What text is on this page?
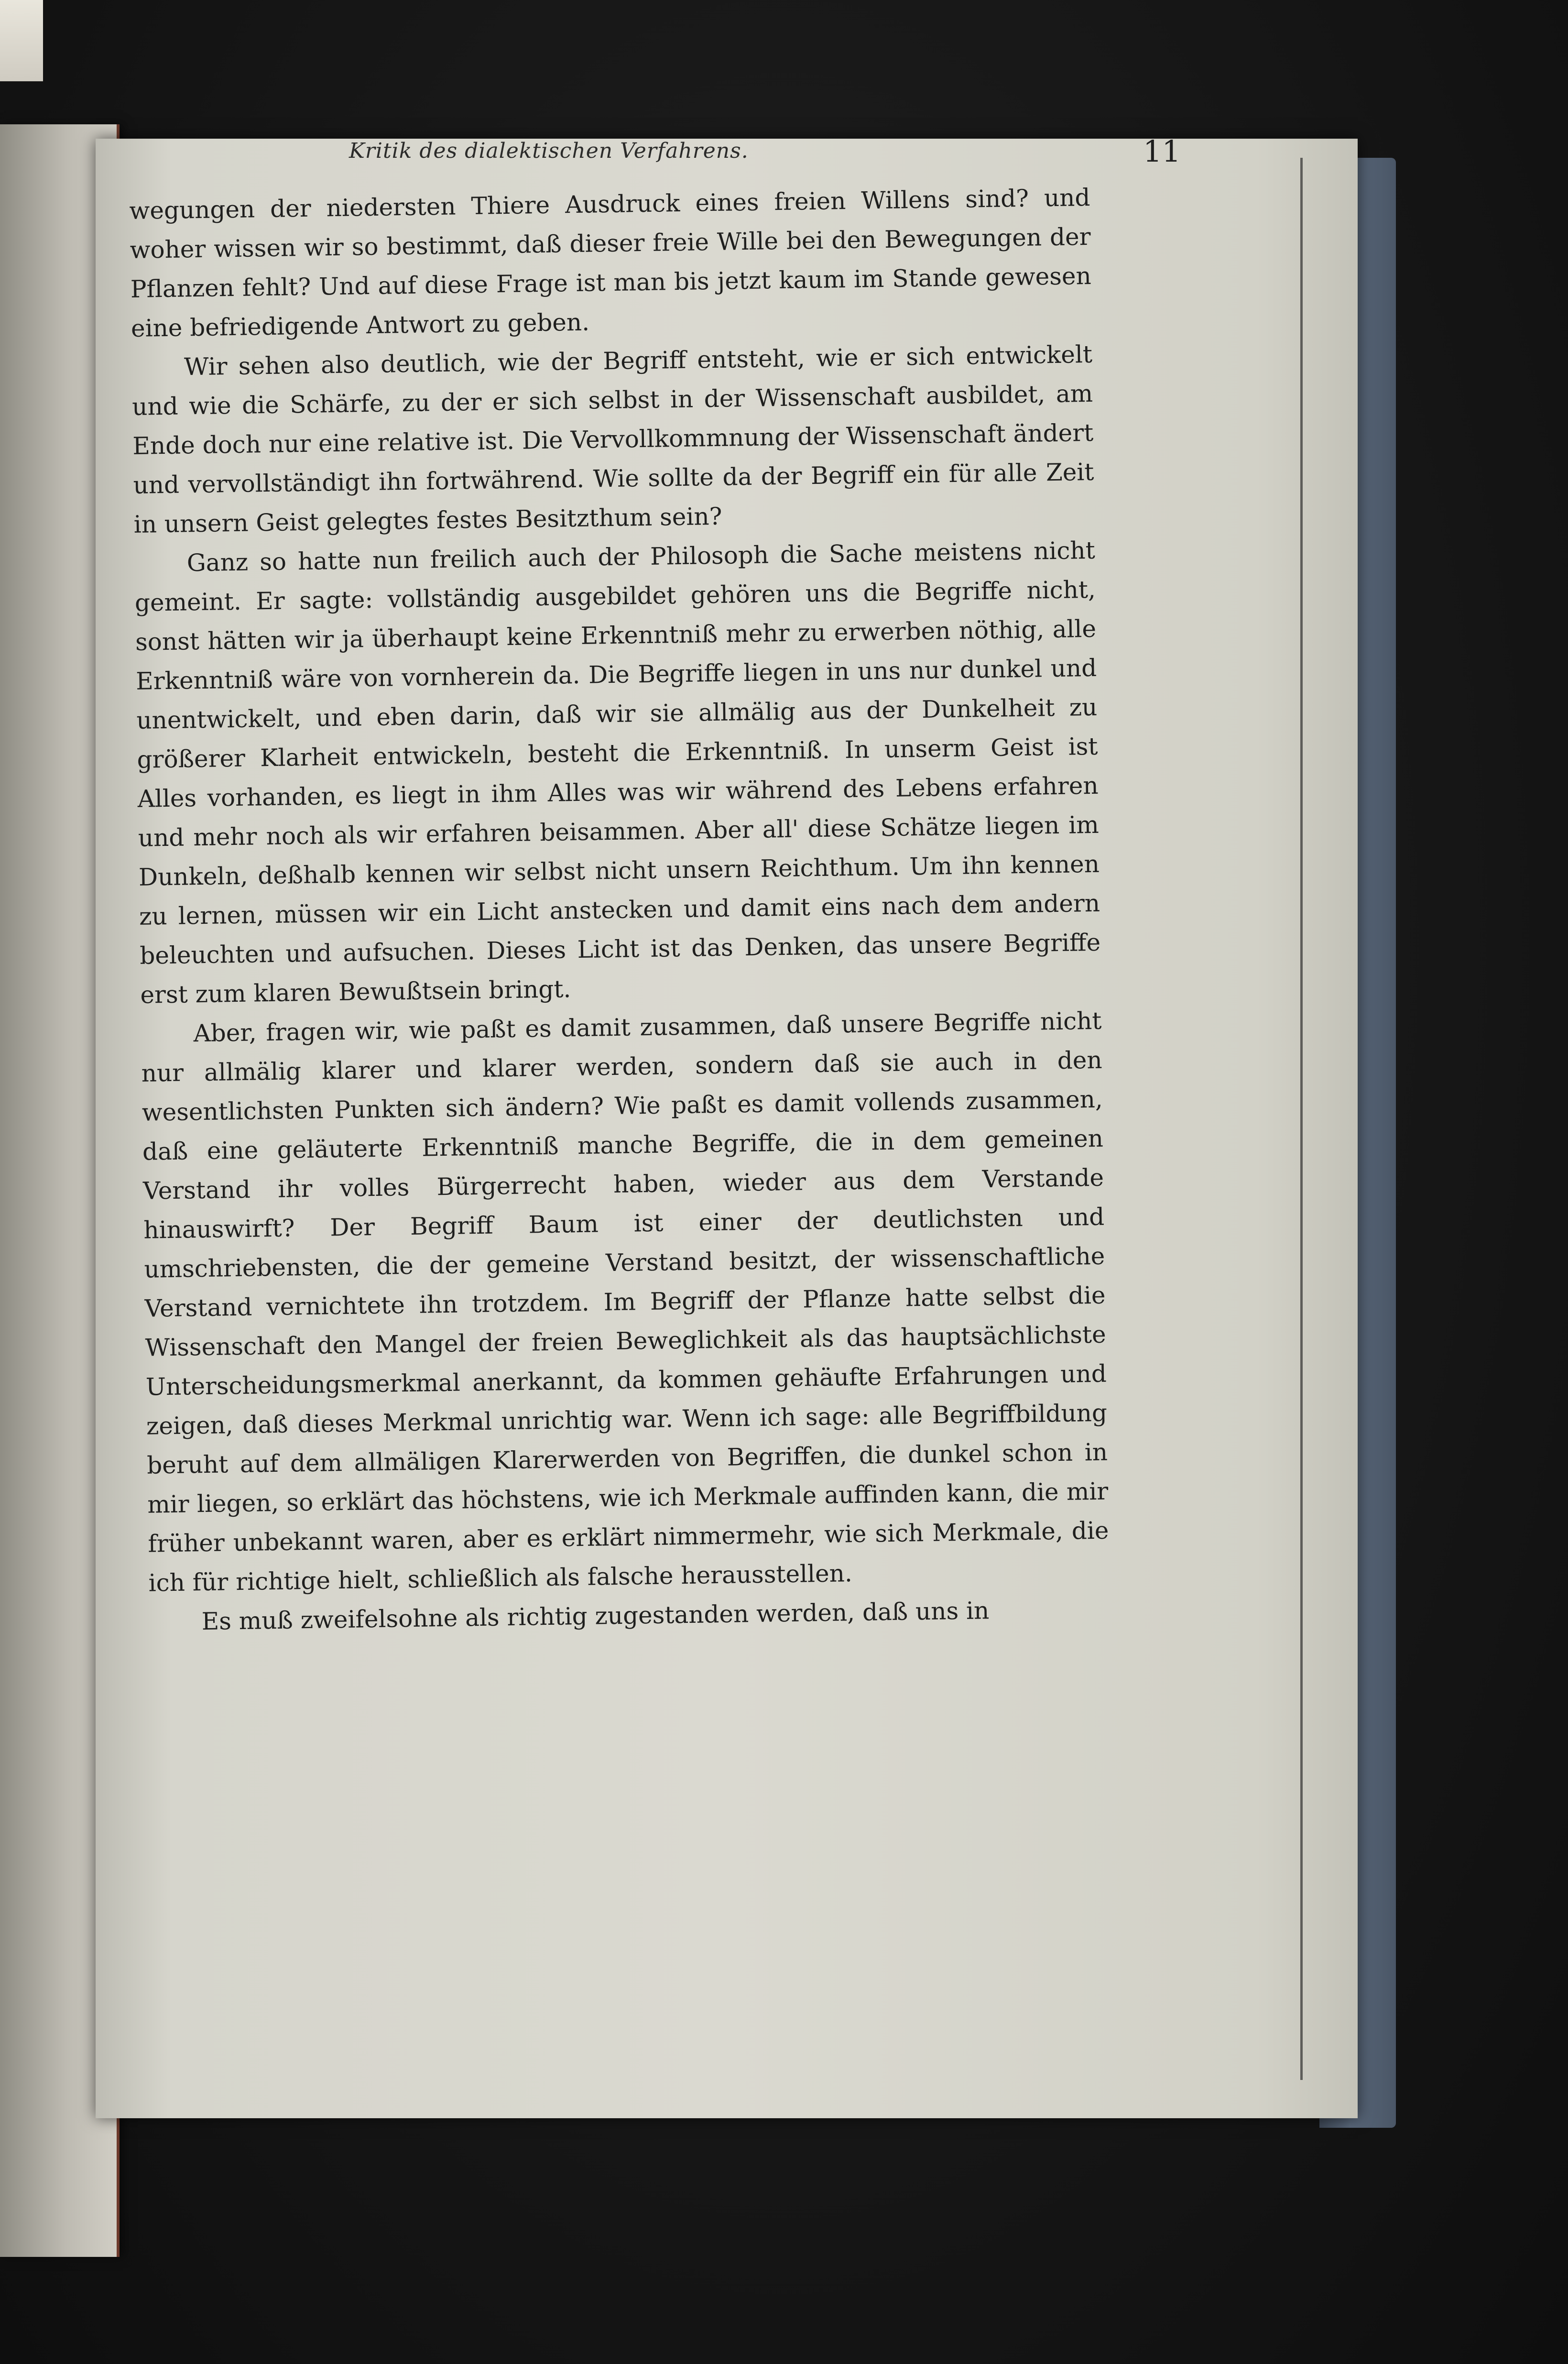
Kritik des dialektischen Verfahrens.	11

wegungen der niedersten Thiere Ausdruck eines freien Willens sind? und woher wissen wir so bestimmt, daß dieser freie Wille bei den Bewegungen der Pflanzen fehlt? Und auf diese Frage ist man bis jetzt kaum im Stande gewesen eine befriedigende Antwort zu geben.

Wir sehen also deutlich, wie der Begriff entsteht, wie er sich entwickelt und wie die Schärfe, zu der er sich selbst in der Wissenschaft ausbildet, am Ende doch nur eine relative ist. Die Vervollkommnung der Wissenschaft ändert und vervollständigt ihn fortwährend. Wie sollte da der Begriff ein für alle Zeit in unsern Geist gelegtes festes Besitzthum sein?

Ganz so hatte nun freilich auch der Philosoph die Sache meistens nicht gemeint. Er sagte: vollständig ausgebildet gehören uns die Begriffe nicht, sonst hätten wir ja überhaupt keine Erkenntniß mehr zu erwerben nöthig, alle Erkenntniß wäre von vornherein da. Die Begriffe liegen in uns nur dunkel und unentwickelt, und eben darin, daß wir sie allmälig aus der Dunkelheit zu größerer Klarheit entwickeln, besteht die Erkenntniß. In unserm Geist ist Alles vorhanden, es liegt in ihm Alles was wir während des Lebens erfahren und mehr noch als wir erfahren beisammen. Aber all' diese Schätze liegen im Dunkeln, deßhalb kennen wir selbst nicht unsern Reichthum. Um ihn kennen zu lernen, müssen wir ein Licht anstecken und damit eins nach dem andern beleuchten und aufsuchen. Dieses Licht ist das Denken, das unsere Begriffe erst zum klaren Bewußtsein bringt.

Aber, fragen wir, wie paßt es damit zusammen, daß unsere Begriffe nicht nur allmälig klarer und klarer werden, sondern daß sie auch in den wesentlichsten Punkten sich ändern? Wie paßt es damit vollends zusammen, daß eine geläuterte Erkenntniß manche Begriffe, die in dem gemeinen Verstand ihr volles Bürgerrecht haben, wieder aus dem Verstande hinauswirft? Der Begriff Baum ist einer der deutlichsten und umschriebensten, die der gemeine Verstand besitzt, der wissenschaftliche Verstand vernichtete ihn trotzdem. Im Begriff der Pflanze hatte selbst die Wissenschaft den Mangel der freien Beweglichkeit als das hauptsächlichste Unterscheidungsmerkmal anerkannt, da kommen gehäufte Erfahrungen und zeigen, daß dieses Merkmal unrichtig war. Wenn ich sage: alle Begriffbildung beruht auf dem allmäligen Klarerwerden von Begriffen, die dunkel schon in mir liegen, so erklärt das höchstens, wie ich Merkmale auffinden kann, die mir früher unbekannt waren, aber es erklärt nimmermehr, wie sich Merkmale, die ich für richtige hielt, schließlich als falsche herausstellen.

Es muß zweifelsohne als richtig zugestanden werden, daß uns in
